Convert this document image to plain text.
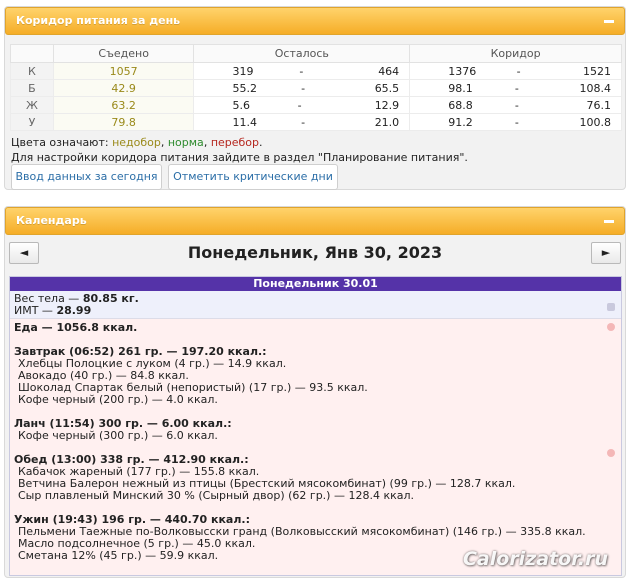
Коридор питания за день
	Съедено	Осталось	Коридор
К	1057	319 - 464	1376 - 1521

Б	42.9	55.2 - 65.5	98.1 - 108.4

Ж	63.2	5.6 - 12.9	68.8 - 76.1

У	79.8	11.4 - 21.0	91.2 - 100.8
Цвета означают: недобор, норма, перебор.
Для настройки коридора питания зайдите в раздел "Планирование питания".
Ввод данных за сегодня	Отметить критические дни
Календарь
◄	Понедельник, Янв 30, 2023	►
Понедельник 30.01
Вес тела — 80.85 кг.
ИМТ — 28.99
Еда — 1056.8 ккал.
Завтрак (06:52) 261 гр. — 197.20 ккал.:
Хлебцы Полоцкие с луком (4 гр.) — 14.9 ккал.
Авокадо (40 гр.) — 84.8 ккал.
Шоколад Спартак белый (непористый) (17 гр.) — 93.5 ккал.
Кофе черный (200 гр.) — 4.0 ккал.
Ланч (11:54) 300 гр. — 6.00 ккал.:
Кофе черный (300 гр.) — 6.0 ккал.
Обед (13:00) 338 гр. — 412.90 ккал.:
Кабачок жареный (177 гр.) — 155.8 ккал.
Ветчина Балерон нежный из птицы (Брестский мясокомбинат) (99 гр.) — 128.7 ккал.
Сыр плавленый Минский 30 % (Сырный двор) (62 гр.) — 128.4 ккал.
Ужин (19:43) 196 гр. — 440.70 ккал.:
Пельмени Таежные по-Волковысски гранд (Волковысский мясокомбинат) (146 гр.) — 335.8 ккал.
Масло подсолнечное (5 гр.) — 45.0 ккал.
Сметана 12% (45 гр.) — 59.9 ккал.	Calorizator.ru
